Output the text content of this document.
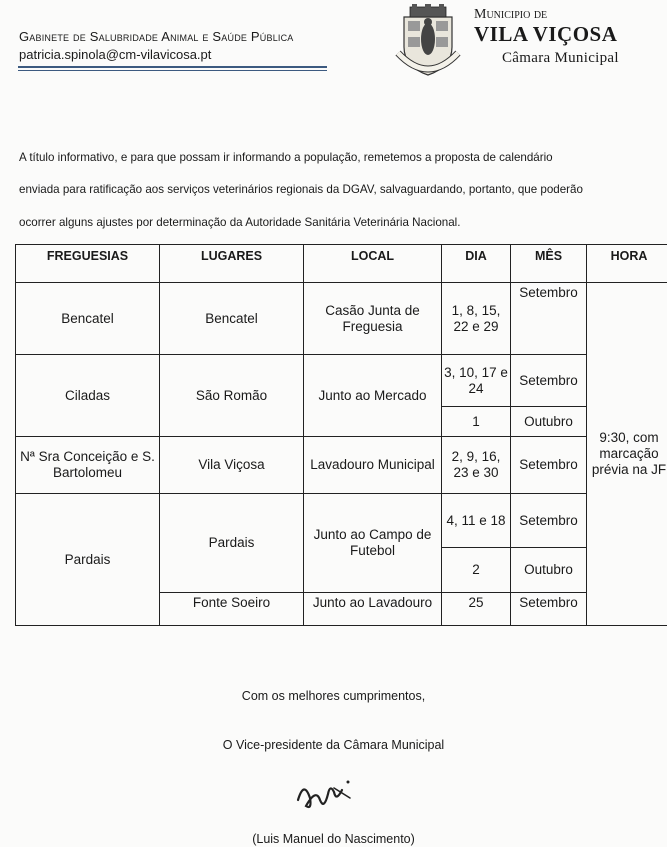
Gabinete de Salubridade Animal e Saúde Pública
patricia.spinola@cm-vilavicosa.pt
Municipio de
VILA VIÇOSA
Câmara Municipal
A título informativo, e para que possam ir informando a população, remetemos a proposta de calendário
enviada para ratificação aos serviços veterinários regionais da DGAV, salvaguardando, portanto, que poderão
ocorrer alguns ajustes por determinação da Autoridade Sanitária Veterinária Nacional.
FREGUESIAS	LUGARES	LOCAL	DIA	MÊS	HORA
Bencatel	Bencatel	Casão Junta de Freguesia	1, 8, 15, 22 e 29	Setembro	9:30, com marcação prévia na JF
Ciladas	São Romão	Junto ao Mercado	3, 10, 17 e 24	Setembro	
			1	Outubro	
Nª Sra Conceição e S. Bartolomeu	Vila Viçosa	Lavadouro Municipal	2, 9, 16, 23 e 30	Setembro	
Pardais	Pardais	Junto ao Campo de Futebol	4, 11 e 18	Setembro	
			2	Outubro	
	Fonte Soeiro	Junto ao Lavadouro	25	Setembro	
Com os melhores cumprimentos,
O Vice-presidente da Câmara Municipal
(Luis Manuel do Nascimento)
